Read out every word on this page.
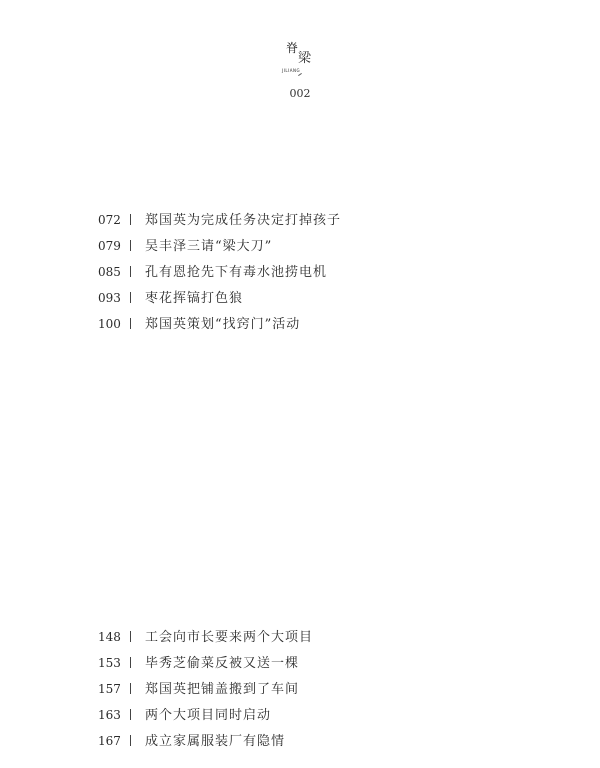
脊
梁
JILIANG
002
072 郑国英为完成任务决定打掉孩子
079 吴丰泽三请“梁大刀”
085 孔有恩抢先下有毒水池捞电机
093 枣花挥镐打色狼
100 郑国英策划“找窍门”活动
148 工会向市长要来两个大项目
153 毕秀芝偷菜反被又送一棵
157 郑国英把铺盖搬到了车间
163 两个大项目同时启动
167 成立家属服装厂有隐情
